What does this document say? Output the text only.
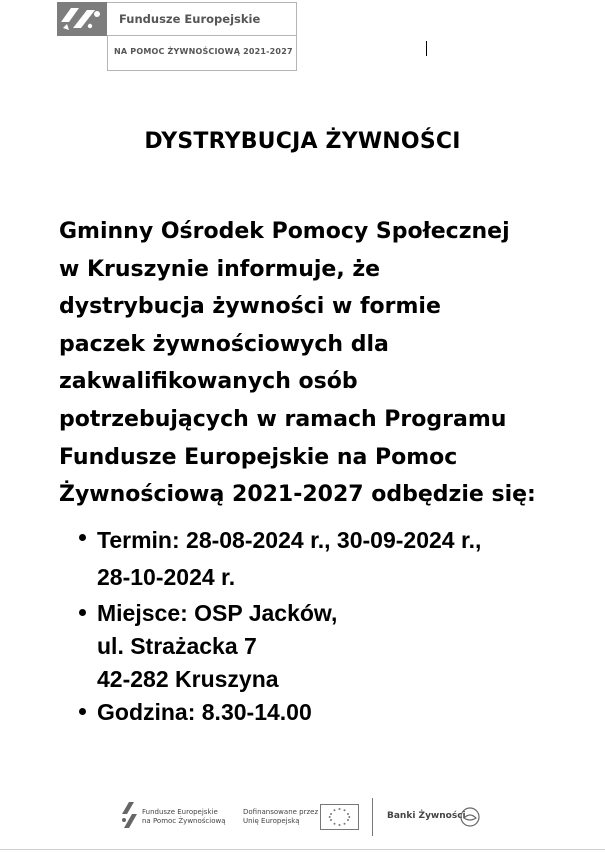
Fundusze Europejskie
NA POMOC ŻYWNOŚCIOWĄ 2021-2027
DYSTRYBUCJA ŻYWNOŚCI

Gminny Ośrodek Pomocy Społecznej
w Kruszynie informuje, że
dystrybucja żywności w formie
paczek żywnościowych dla
zakwalifikowanych osób
potrzebujących w ramach Programu
Fundusze Europejskie na Pomoc
Żywnościową 2021-2027 odbędzie się:

Termin: 28-08-2024 r., 30-09-2024 r.,
28-10-2024 r.
Miejsce: OSP Jacków,
ul. Strażacka 7
42-282 Kruszyna
Godzina: 8.30-14.00
Fundusze Europejskie
na Pomoc Żywnościową
Dofinansowane przez
Unię Europejską	Banki Żywności
